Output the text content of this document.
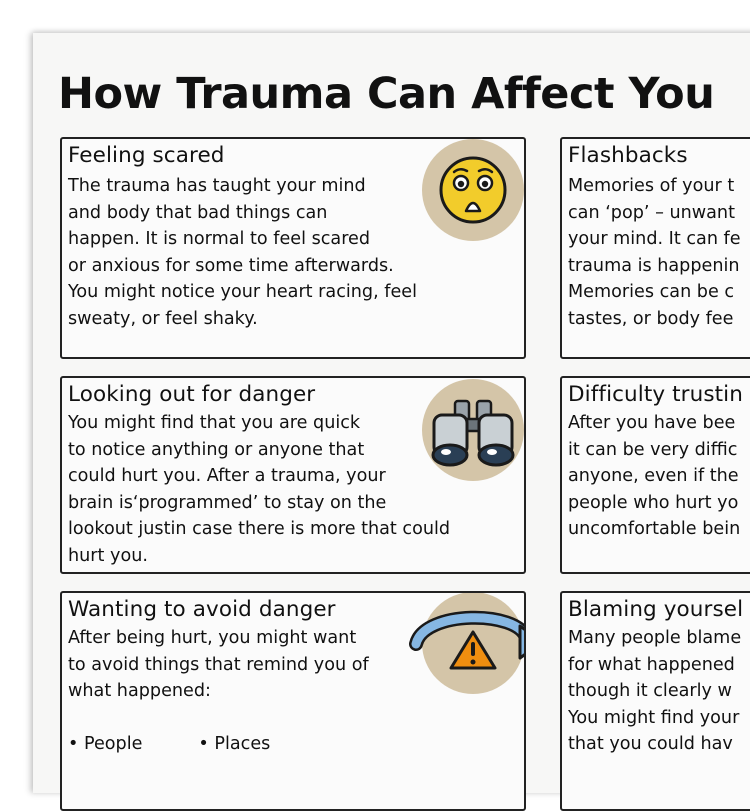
How Trauma Can Affect You
Feeling scared
The trauma has taught your mind
and body that bad things can
happen. It is normal to feel scared
or anxious for some time afterwards.
You might notice your heart racing, feel
sweaty, or feel shaky.
Flashbacks
Memories of your t
can ‘pop’ – unwant
your mind. It can fe
trauma is happenin
Memories can be c
tastes, or body fee
Looking out for danger
You might find that you are quick
to notice anything or anyone that
could hurt you. After a trauma, your
brain is‘programmed’ to stay on the
lookout justin case there is more that could
hurt you.
Difficulty trustin
After you have bee
it can be very diffic
anyone, even if the
people who hurt yo
uncomfortable bein
Wanting to avoid danger
After being hurt, you might want
to avoid things that remind you of
what happened:
• People	• Places
Blaming yoursel
Many people blame
for what happened
though it clearly w
You might find your
that you could hav
